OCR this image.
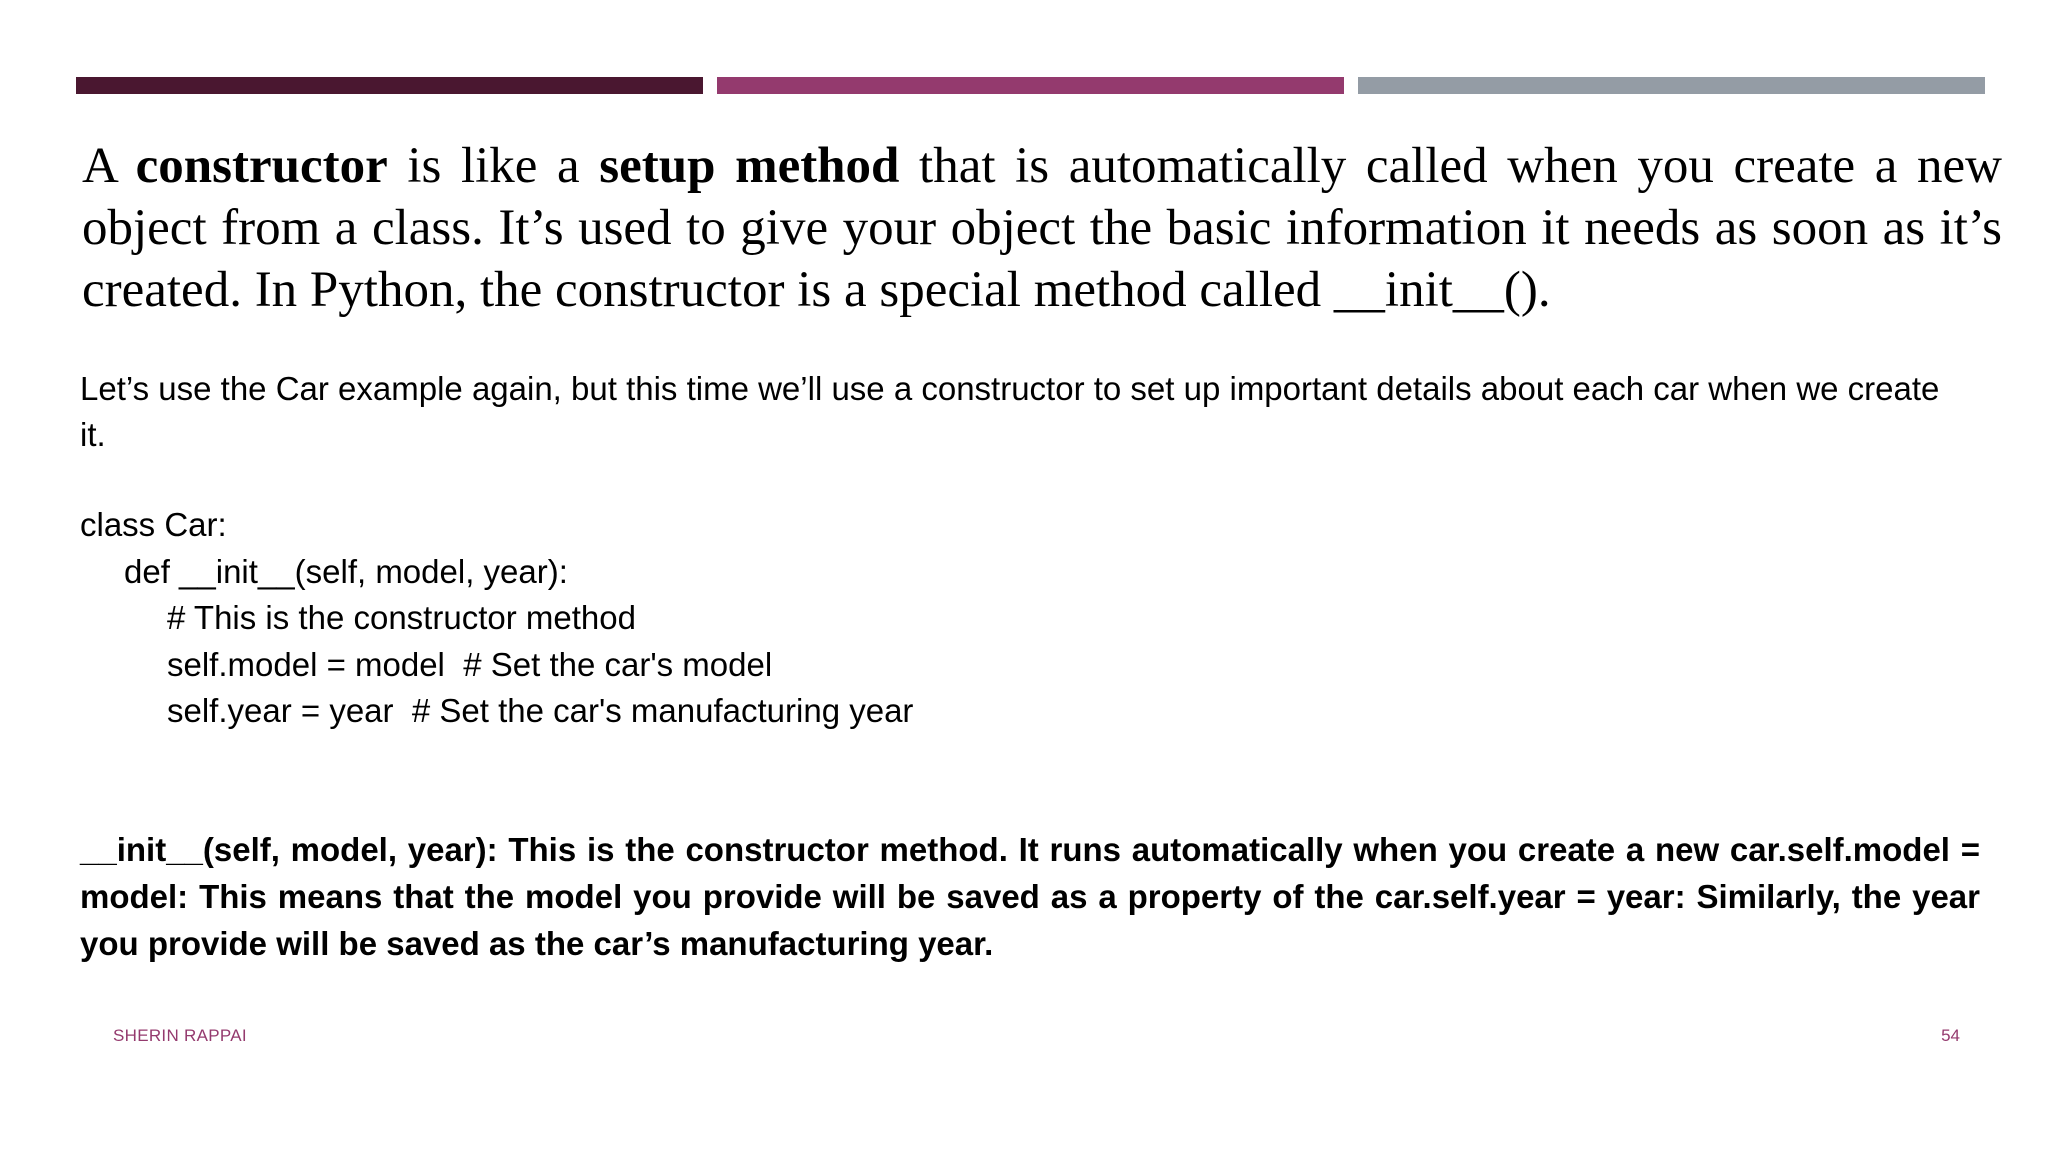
A constructor is like a setup method that is automatically called when you create a new object from a class. It’s used to give your object the basic information it needs as soon as it’s created. In Python, the constructor is a special method called __init__().

Let’s use the Car example again, but this time we’ll use a constructor to set up important details about each car when we create it.

class Car:
def __init__(self, model, year):
# This is the constructor method
self.model = model  # Set the car's model
self.year = year  # Set the car's manufacturing year

__init__(self, model, year): This is the constructor method. It runs automatically when you create a new car.self.model = model: This means that the model you provide will be saved as a property of the car.self.year = year: Similarly, the year you provide will be saved as the car’s manufacturing year.

SHERIN RAPPAI	54
